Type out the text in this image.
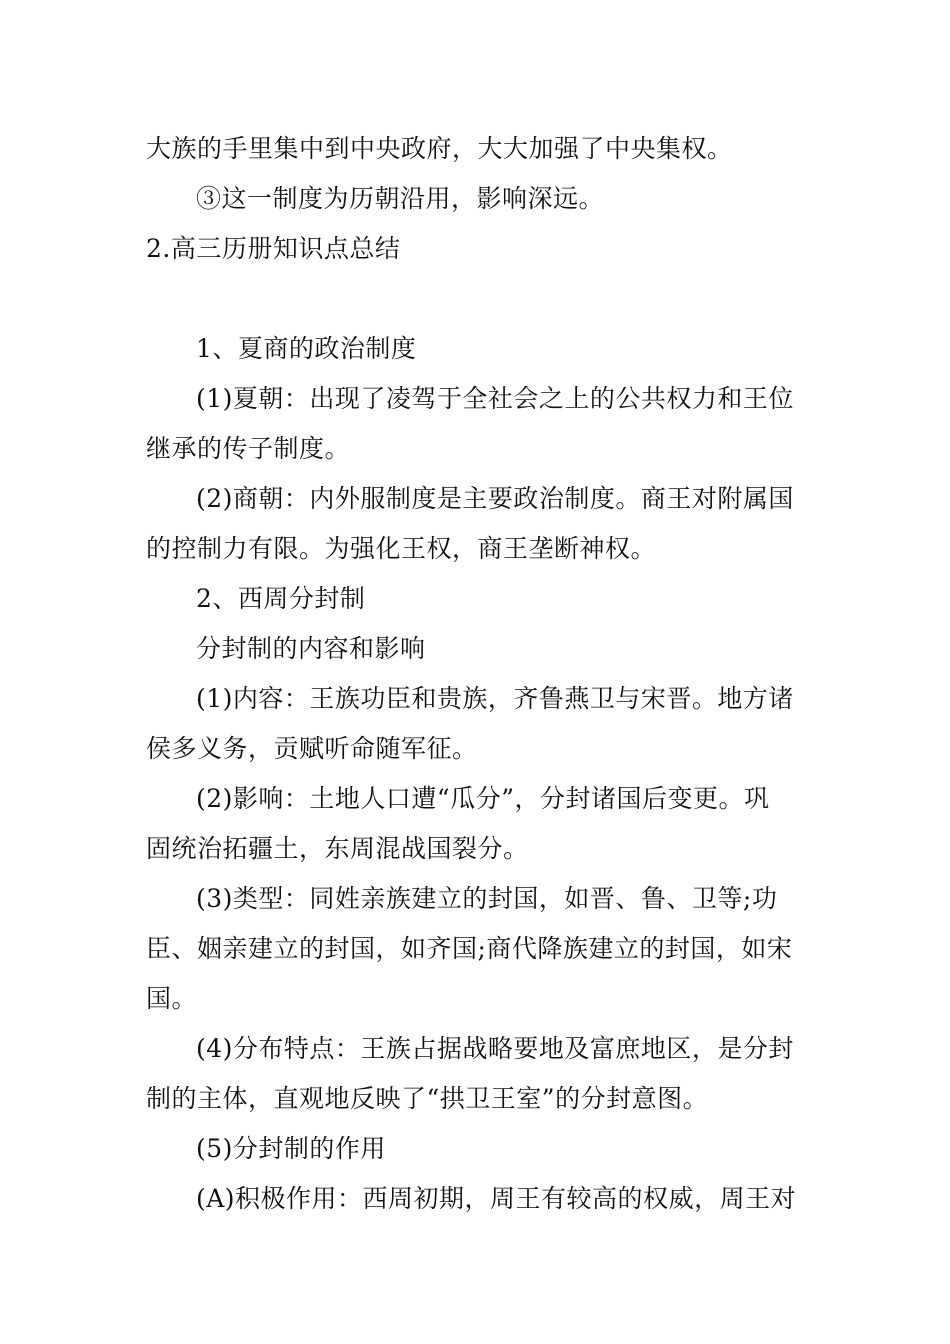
大族的手里集中到中央政府，大大加强了中央集权。

③这一制度为历朝沿用，影响深远。

2.高三历册知识点总结

1、夏商的政治制度

(1)夏朝：出现了凌驾于全社会之上的公共权力和王位

继承的传子制度。

(2)商朝：内外服制度是主要政治制度。商王对附属国

的控制力有限。为强化王权，商王垄断神权。

2、西周分封制

分封制的内容和影响

(1)内容：王族功臣和贵族，齐鲁燕卫与宋晋。地方诸

侯多义务，贡赋听命随军征。

(2)影响：土地人口遭“瓜分”，分封诸国后变更。巩

固统治拓疆土，东周混战国裂分。

(3)类型：同姓亲族建立的封国，如晋、鲁、卫等;功

臣、姻亲建立的封国，如齐国;商代降族建立的封国，如宋

国。

(4)分布特点：王族占据战略要地及富庶地区，是分封

制的主体，直观地反映了“拱卫王室”的分封意图。

(5)分封制的作用

(A)积极作用：西周初期，周王有较高的权威，周王对
